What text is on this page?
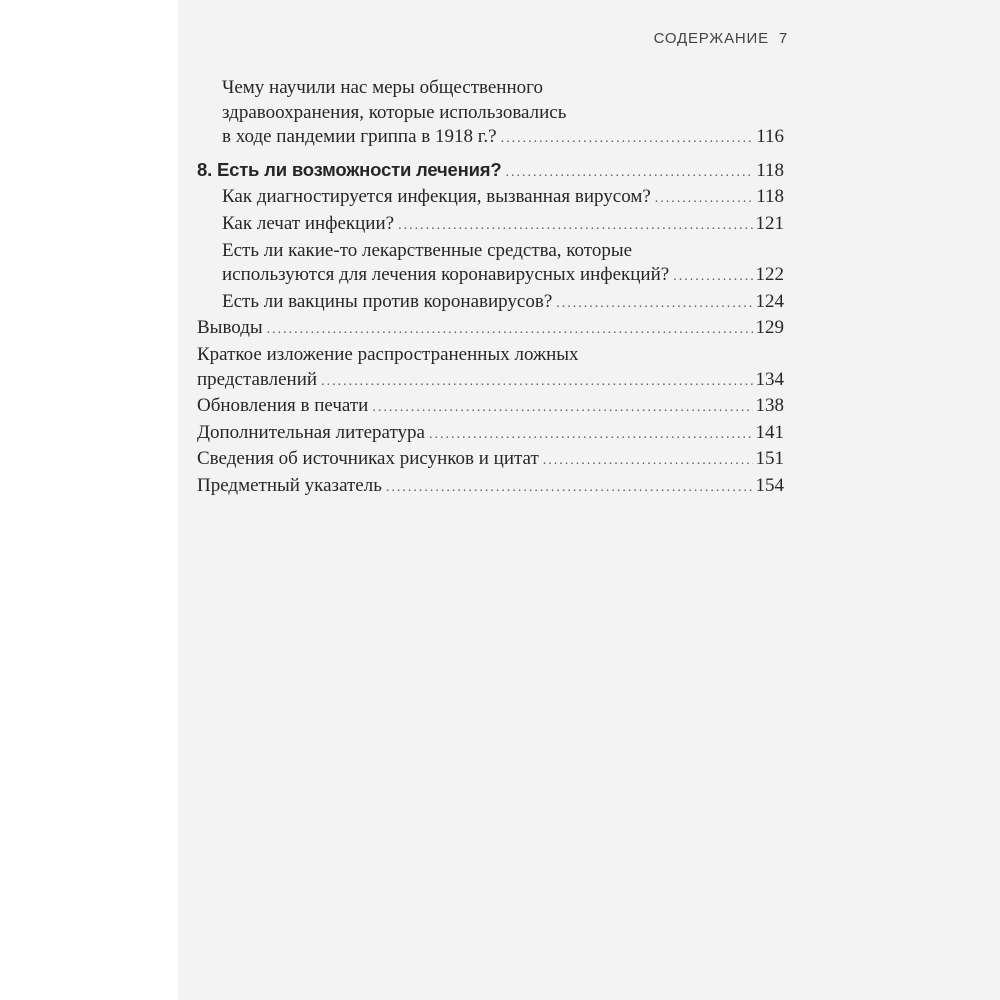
СОДЕРЖАНИЕ 7
Чему научили нас меры общественного
здравоохранения, которые использовались
в ходе пандемии гриппа в 1918 г.? .....	116
8. Есть ли возможности лечения? .....	118
Как диагностируется инфекция, вызванная вирусом? .....	118
Как лечат инфекции? .....	121
Есть ли какие-то лекарственные средства, которые
используются для лечения коронавирусных инфекций? .....	122
Есть ли вакцины против коронавирусов? .....	124
Выводы .....	129
Краткое изложение распространенных ложных
представлений .....	134
Обновления в печати .....	138
Дополнительная литература .....	141
Сведения об источниках рисунков и цитат .....	151
Предметный указатель .....	154
